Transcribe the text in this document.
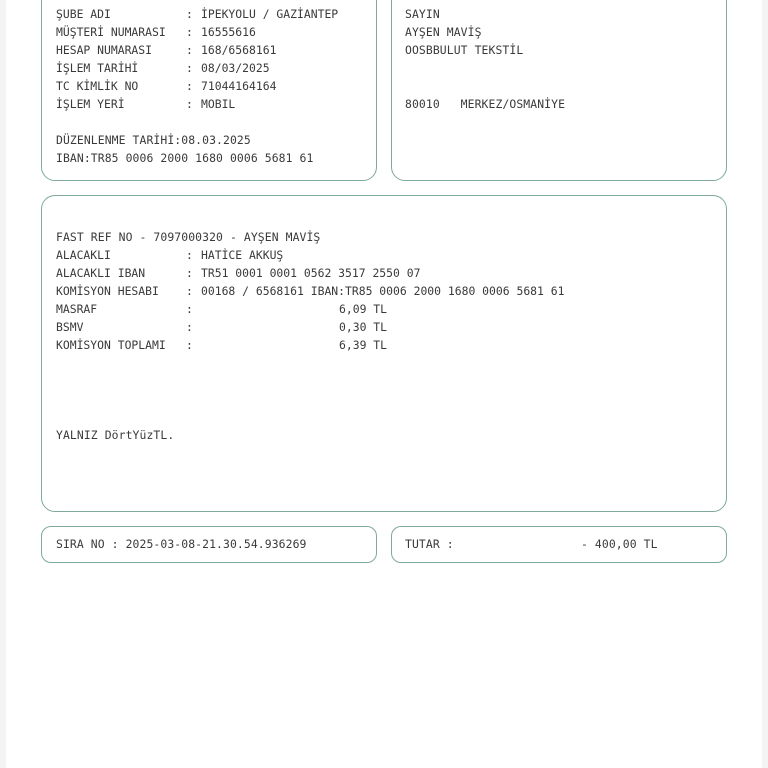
ŞUBE ADI	: İPEKYOLU / GAZİANTEP
MÜŞTERİ NUMARASI : 16555616
HESAP NUMARASI	: 168/6568161
İŞLEM TARİHİ	: 08/03/2025
TC KİMLİK NO	: 71044164164
İŞLEM YERİ	: MOBIL
DÜZENLENME TARİHİ:08.03.2025
IBAN:TR85 0006 2000 1680 0006 5681 61
SAYIN
AYŞEN MAVİŞ
OOSBBULUT TEKSTİL
80010   MERKEZ/OSMANİYE
FAST REF NO - 7097000320 - AYŞEN MAVİŞ
ALACAKLI	: HATİCE AKKUŞ
ALACAKLI IBAN	: TR51 0001 0001 0562 3517 2550 07
KOMİSYON HESABI : 00168 / 6568161 IBAN:TR85 0006 2000 1680 0006 5681 61
MASRAF	:	6,09 TL
BSMV	:	0,30 TL
KOMİSYON TOPLAMI :	6,39 TL
YALNIZ DörtYüzTL.
SIRA NO : 2025-03-08-21.30.54.936269	TUTAR :	- 400,00 TL
